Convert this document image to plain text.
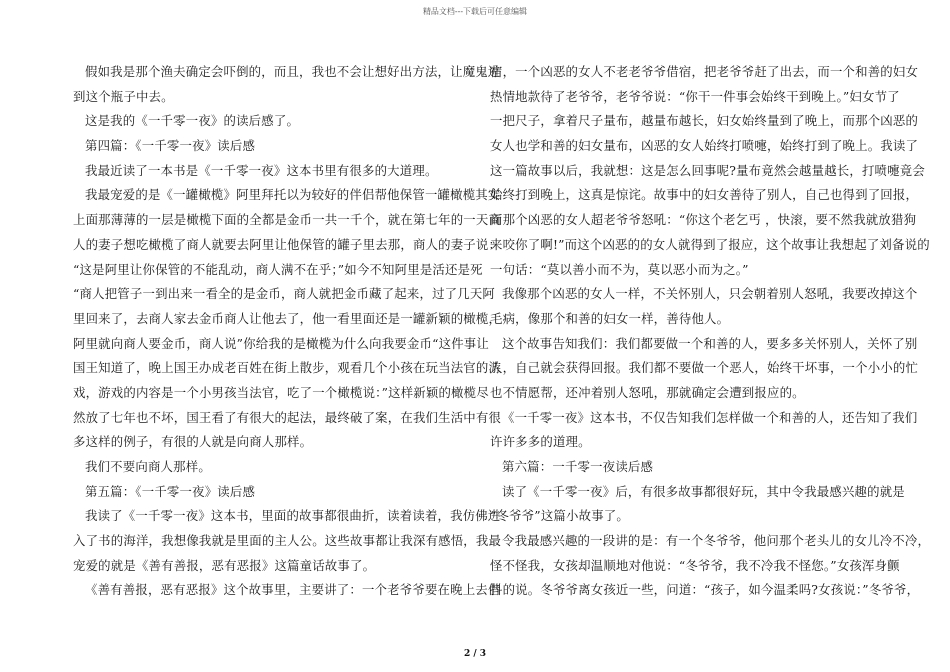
精品文档---下载后可任意编辑
假如我是那个渔夫确定会吓倒的，而且，我也不会让想好出方法，让魔鬼进
到这个瓶子中去。
这是我的《一千零一夜》的读后感了。
第四篇：《一千零一夜》读后感
我最近读了一本书是《一千零一夜》这本书里有很多的大道理。
我最宠爱的是《一罐橄榄》阿里拜托以为较好的伴侣帮他保管一罐橄榄其实
上面那薄薄的一层是橄榄下面的全都是金币一共一千个，就在第七年的一天商
人的妻子想吃橄榄了商人就要去阿里让他保管的罐子里去那，商人的妻子说：
“这是阿里让你保管的不能乱动，商人满不在乎；”如今不知阿里是活还是死
“商人把管子一到出来一看全的是金币，商人就把金币藏了起来，过了几天阿
里回来了，去商人家去金币商人让他去了，他一看里面还是一罐新颖的橄榄，
阿里就向商人要金币，商人说”你给我的是橄榄为什么向我要金币“这件事让
国王知道了，晚上国王办成老百姓在街上散步，观看几个小孩在玩当法官的游
戏，游戏的内容是一个小男孩当法官，吃了一个橄榄说：”这样新颖的橄榄尽
然放了七年也不坏，国王看了有很大的起法，最终破了案，在我们生活中有很
多这样的例子，有很的人就是向商人那样。
我们不要向商人那样。
第五篇：《一千零一夜》读后感
我读了《一千零一夜》这本书，里面的故事都很曲折，读着读着，我仿佛进
入了书的海洋，我想像我就是里面的主人公。这些故事都让我深有感悟，我最
宠爱的就是《善有善报，恶有恶报》这篇童话故事了。
《善有善报，恶有恶报》这个故事里，主要讲了：一个老爷爷要在晚上去借
宿，一个凶恶的女人不老老爷爷借宿，把老爷爷赶了出去，而一个和善的妇女
热情地款待了老爷爷，老爷爷说：“你干一件事会始终干到晚上。”妇女节了
一把尺子，拿着尺子量布，越量布越长，妇女始终量到了晚上，而那个凶恶的
女人也学和善的妇女量布，凶恶的女人始终打喷嚏，始终打到了晚上。我读了
这一篇故事以后，我就想：这是怎么回事呢?量布竟然会越量越长，打喷嚏竟会
始终打到晚上，这真是惊诧。故事中的妇女善待了别人，自己也得到了回报，
而那个凶恶的女人超老爷爷怒吼：“你这个老乞丐 ，快滚，要不然我就放猎狗
来咬你了啊!”而这个凶恶的的女人就得到了报应，这个故事让我想起了刘备说的
一句话：“莫以善小而不为，莫以恶小而为之。”
我像那个凶恶的女人一样，不关怀别人，只会朝着别人怒吼，我要改掉这个
毛病，像那个和善的妇女一样，善待他人。
这个故事告知我们：我们都要做一个和善的人，要多多关怀别人，关怀了别
人，自己就会获得回报。我们都不要做一个恶人，始终干坏事，一个小小的忙
也不情愿帮，还冲着别人怒吼，那就确定会遭到报应的。
《一千零一夜》这本书，不仅告知我们怎样做一个和善的人，还告知了我们
许许多多的道理。
第六篇：一千零一夜读后感
读了《一千零一夜》后，有很多故事都很好玩，其中令我最感兴趣的就是
“冬爷爷”这篇小故事了。
令我最感兴趣的一段讲的是：有一个冬爷爷，他问那个老头儿的女儿冷不冷，
怪不怪我，女孩却温顺地对他说：“冬爷爷，我不冷我不怪您。”女孩浑身颤
抖的说。冬爷爷离女孩近一些，问道：“孩子，如今温柔吗?女孩说：”冬爷爷，
2 / 3
